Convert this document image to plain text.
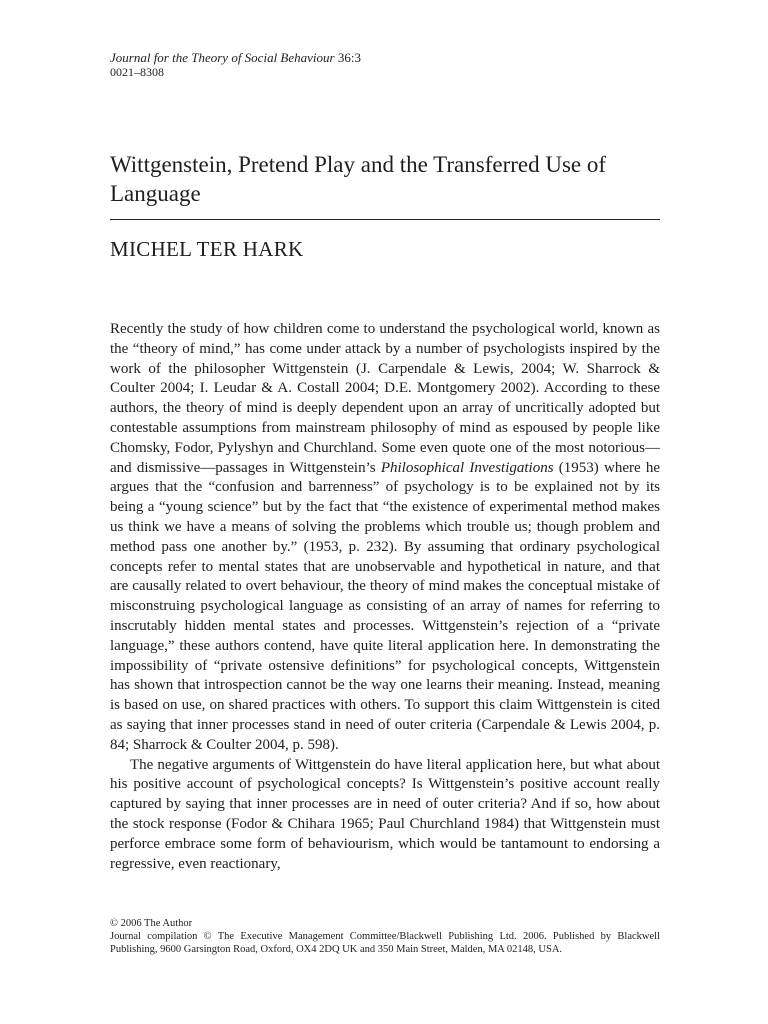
Journal for the Theory of Social Behaviour 36:3

0021–8308

Wittgenstein, Pretend Play and the Transferred Use of Language
MICHEL TER HARK

Recently the study of how children come to understand the psychological world, known as the “theory of mind,” has come under attack by a number of psychologists inspired by the work of the philosopher Wittgenstein (J. Carpendale & Lewis, 2004; W. Sharrock & Coulter 2004; I. Leudar & A. Costall 2004; D.E. Montgomery 2002). According to these authors, the theory of mind is deeply dependent upon an array of uncritically adopted but contestable assumptions from mainstream philosophy of mind as espoused by people like Chomsky, Fodor, Pylyshyn and Churchland. Some even quote one of the most notorious—and dismissive—passages in Wittgenstein’s Philosophical Investigations (1953) where he argues that the “confusion and barrenness” of psychology is to be explained not by its being a “young science” but by the fact that “the existence of experimental method makes us think we have a means of solving the problems which trouble us; though problem and method pass one another by.” (1953, p. 232). By assuming that ordinary psychological concepts refer to mental states that are unobservable and hypothetical in nature, and that are causally related to overt behaviour, the theory of mind makes the conceptual mistake of misconstruing psychological language as consisting of an array of names for referring to inscrutably hidden mental states and processes. Wittgenstein’s rejection of a “private language,” these authors contend, have quite literal application here. In demonstrating the impossibility of “private ostensive definitions” for psychological concepts, Wittgenstein has shown that introspection cannot be the way one learns their meaning. Instead, meaning is based on use, on shared practices with others. To support this claim Wittgenstein is cited as saying that inner processes stand in need of outer criteria (Carpendale & Lewis 2004, p. 84; Sharrock & Coulter 2004, p. 598).

The negative arguments of Wittgenstein do have literal application here, but what about his positive account of psychological concepts? Is Wittgenstein’s positive account really captured by saying that inner processes are in need of outer criteria? And if so, how about the stock response (Fodor & Chihara 1965; Paul Churchland 1984) that Wittgenstein must perforce embrace some form of behaviourism, which would be tantamount to endorsing a regressive, even reactionary,

© 2006 The Author

Journal compilation © The Executive Management Committee/Blackwell Publishing Ltd. 2006. Published by Blackwell Publishing, 9600 Garsington Road, Oxford, OX4 2DQ UK and 350 Main Street, Malden, MA 02148, USA.
